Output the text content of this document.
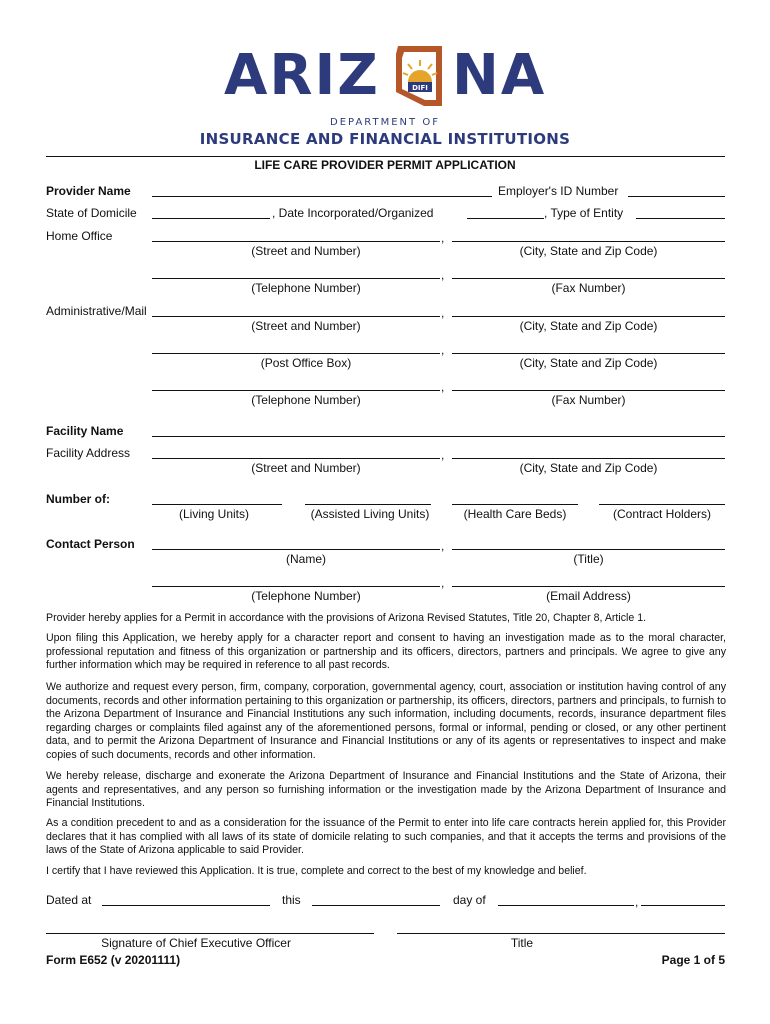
ARIZ	DIFI NA
DEPARTMENT OF
INSURANCE AND FINANCIAL INSTITUTIONS
LIFE CARE PROVIDER PERMIT APPLICATION
Provider Name	Employer's ID Number
State of Domicile	, Date Incorporated/Organized	, Type of Entity
Home Office	,
(Street and Number)	(City, State and Zip Code)
,
(Telephone Number)	(Fax Number)
Administrative/Mail	,
(Street and Number)	(City, State and Zip Code)
,
(Post Office Box)	(City, State and Zip Code)
,
(Telephone Number)	(Fax Number)
Facility Name
Facility Address	,
(Street and Number)	(City, State and Zip Code)
Number of:
(Living Units)	(Assisted Living Units)	(Health Care Beds)	(Contract Holders)
Contact Person	,
(Name)	(Title)
,
(Telephone Number)	(Email Address)

Provider hereby applies for a Permit in accordance with the provisions of Arizona Revised Statutes, Title 20, Chapter 8, Article 1.

Upon filing this Application, we hereby apply for a character report and consent to having an investigation made as to the moral character, professional reputation and fitness of this organization or partnership and its officers, directors, partners and principals. We agree to give any further information which may be required in reference to all past records.

We authorize and request every person, firm, company, corporation, governmental agency, court, association or institution having control of any documents, records and other information pertaining to this organization or partnership, its officers, directors, partners and principals, to furnish to the Arizona Department of Insurance and Financial Institutions any such information, including documents, records, insurance department files regarding charges or complaints filed against any of the aforementioned persons, formal or informal, pending or closed, or any other pertinent data, and to permit the Arizona Department of Insurance and Financial Institutions or any of its agents or representatives to inspect and make copies of such documents, records and other information.

We hereby release, discharge and exonerate the Arizona Department of Insurance and Financial Institutions and the State of Arizona, their agents and representatives, and any person so furnishing information or the investigation made by the Arizona Department of Insurance and Financial Institutions.

As a condition precedent to and as a consideration for the issuance of the Permit to enter into life care contracts herein applied for, this Provider declares that it has complied with all laws of its state of domicile relating to such companies, and that it accepts the terms and provisions of the laws of the State of Arizona applicable to said Provider.

I certify that I have reviewed this Application. It is true, complete and correct to the best of my knowledge and belief.

Dated at	this	day of	,
Signature of Chief Executive Officer	Title
Form E652 (v 20201111)	Page 1 of 5
